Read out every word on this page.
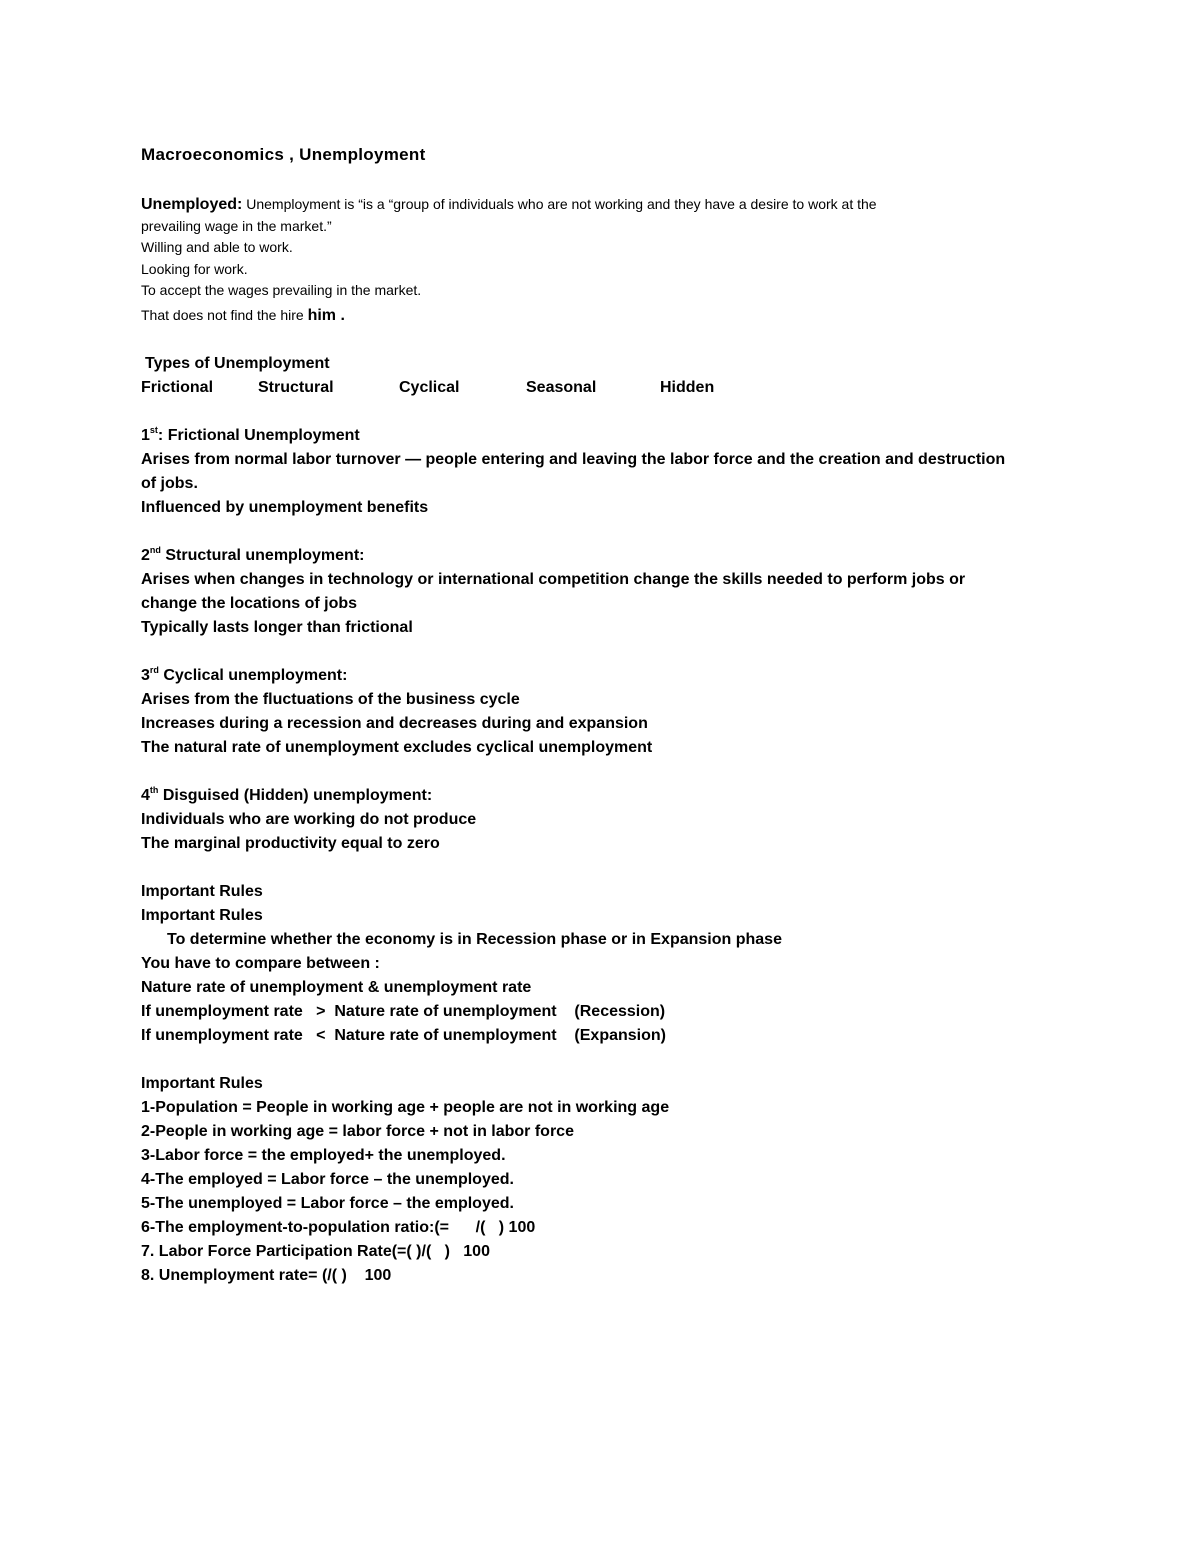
Macroeconomics , Unemployment
Unemployed: Unemployment is “is a “group of individuals who are not working and they have a desire to work at the
prevailing wage in the market.”
Willing and able to work.
Looking for work.
To accept the wages prevailing in the market.
That does not find the hire him .
Types of Unemployment
Frictional	Structural	Cyclical	Seasonal	Hidden
1st: Frictional Unemployment
Arises from normal labor turnover — people entering and leaving the labor force and the creation and destruction
of jobs.
Influenced by unemployment benefits
2nd Structural unemployment:
Arises when changes in technology or international competition change the skills needed to perform jobs or
change the locations of jobs
Typically lasts longer than frictional
3rd Cyclical unemployment:
Arises from the fluctuations of the business cycle
Increases during a recession and decreases during and expansion
The natural rate of unemployment excludes cyclical unemployment
4th Disguised (Hidden) unemployment:
Individuals who are working do not produce
The marginal productivity equal to zero
Important Rules
Important Rules
To determine whether the economy is in Recession phase or in Expansion phase
You have to compare between :
Nature rate of unemployment & unemployment rate
If unemployment rate   >  Nature rate of unemployment    (Recession)
If unemployment rate   <  Nature rate of unemployment    (Expansion)
Important Rules
1-Population = People in working age + people are not in working age
2-People in working age = labor force + not in labor force
3-Labor force = the employed+ the unemployed.
4-The employed = Labor force – the unemployed.
5-The unemployed = Labor force – the employed.
6-The employment-to-population ratio:(=      /(   ) 100
7. Labor Force Participation Rate(=( )/(   )   100
8. Unemployment rate= (/( )    100
